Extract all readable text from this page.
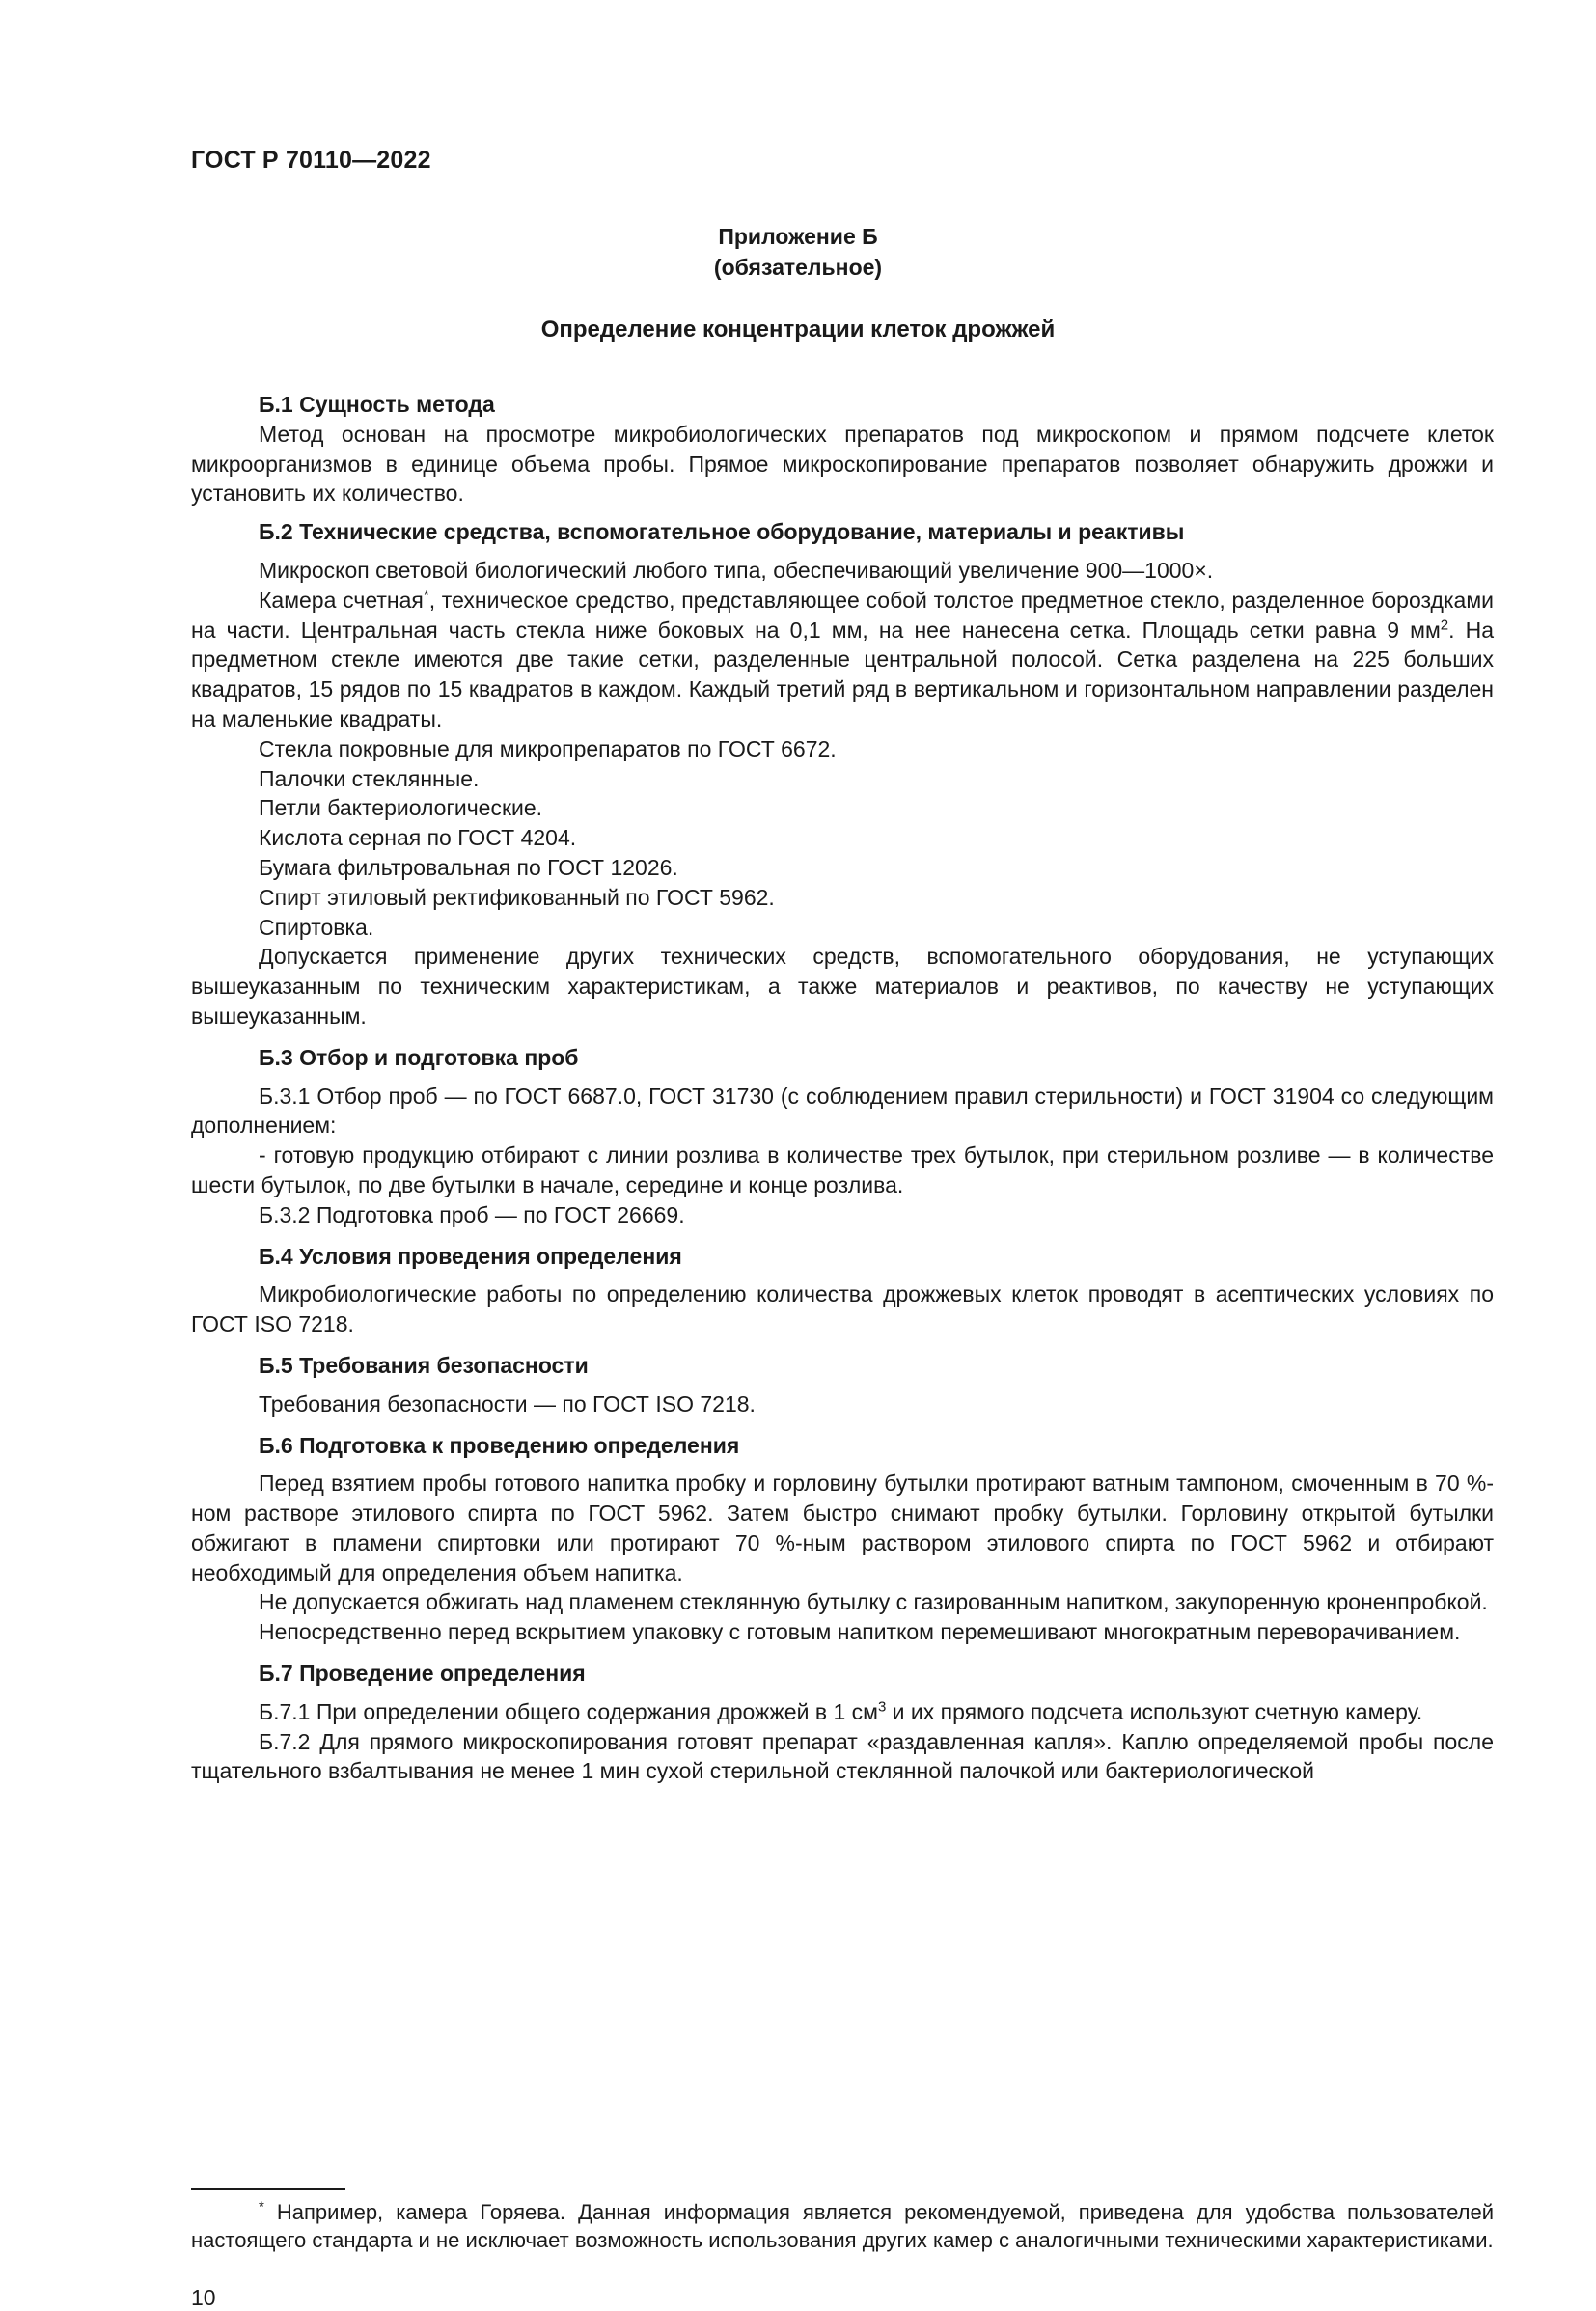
ГОСТ Р 70110—2022
Приложение Б
(обязательное)
Определение концентрации клеток дрожжей
Б.1 Сущность метода

Метод основан на просмотре микробиологических препаратов под микроскопом и прямом подсчете клеток микроорганизмов в единице объема пробы. Прямое микроскопирование препаратов позволяет обнаружить дрожжи и установить их количество.

Б.2 Технические средства, вспомогательное оборудование, материалы и реактивы

Микроскоп световой биологический любого типа, обеспечивающий увеличение 900—1000×.

Камера счетная*, техническое средство, представляющее собой толстое предметное стекло, разделенное бороздками на части. Центральная часть стекла ниже боковых на 0,1 мм, на нее нанесена сетка. Площадь сетки равна 9 $мм^2$. На предметном стекле имеются две такие сетки, разделенные центральной полосой. Сетка разделена на 225 больших квадратов, 15 рядов по 15 квадратов в каждом. Каждый третий ряд в вертикальном и горизонтальном направлении разделен на маленькие квадраты.

Стекла покровные для микропрепаратов по ГОСТ 6672.

Палочки стеклянные.

Петли бактериологические.

Кислота серная по ГОСТ 4204.

Бумага фильтровальная по ГОСТ 12026.

Спирт этиловый ректификованный по ГОСТ 5962.

Спиртовка.

Допускается применение других технических средств, вспомогательного оборудования, не уступающих вышеуказанным по техническим характеристикам, а также материалов и реактивов, по качеству не уступающих вышеуказанным.

Б.3 Отбор и подготовка проб

Б.3.1 Отбор проб — по ГОСТ 6687.0, ГОСТ 31730 (с соблюдением правил стерильности) и ГОСТ 31904 со следующим дополнением:

- готовую продукцию отбирают с линии розлива в количестве трех бутылок, при стерильном розливе — в количестве шести бутылок, по две бутылки в начале, середине и конце розлива.

Б.3.2 Подготовка проб — по ГОСТ 26669.

Б.4 Условия проведения определения

Микробиологические работы по определению количества дрожжевых клеток проводят в асептических условиях по ГОСТ ISO 7218.

Б.5 Требования безопасности

Требования безопасности — по ГОСТ ISO 7218.

Б.6 Подготовка к проведению определения

Перед взятием пробы готового напитка пробку и горловину бутылки протирают ватным тампоном, смоченным в 70 %-ном растворе этилового спирта по ГОСТ 5962. Затем быстро снимают пробку бутылки. Горловину открытой бутылки обжигают в пламени спиртовки или протирают 70 %-ным раствором этилового спирта по ГОСТ 5962 и отбирают необходимый для определения объем напитка.

Не допускается обжигать над пламенем стеклянную бутылку с газированным напитком, закупоренную кроненпробкой.

Непосредственно перед вскрытием упаковку с готовым напитком перемешивают многократным переворачиванием.

Б.7 Проведение определения

Б.7.1 При определении общего содержания дрожжей в 1 $см^3$ и их прямого подсчета используют счетную камеру.

Б.7.2 Для прямого микроскопирования готовят препарат «раздавленная капля». Каплю определяемой пробы после тщательного взбалтывания не менее 1 мин сухой стерильной стеклянной палочкой или бактериологической

* Например, камера Горяева. Данная информация является рекомендуемой, приведена для удобства пользователей настоящего стандарта и не исключает возможность использования других камер с аналогичными техническими характеристиками.
10
